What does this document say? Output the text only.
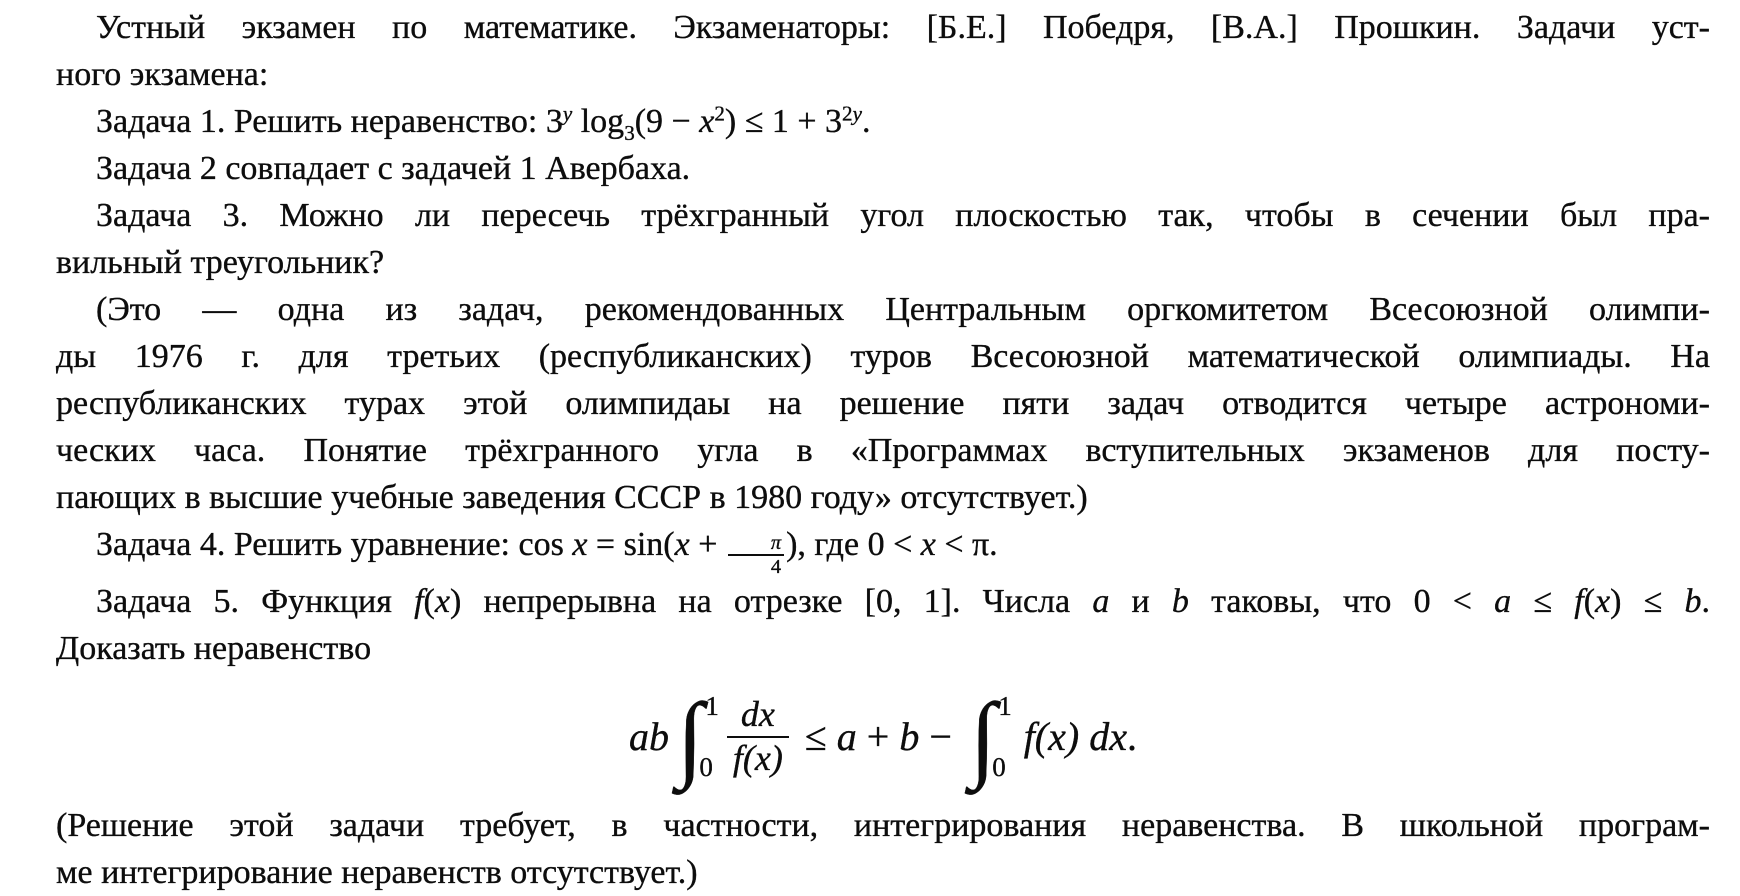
Устный экзамен по математике. Экзаменаторы: [Б.Е.] Победря, [В.А.] Прошкин. Задачи уст-
ного экзамена:
Задача 1. Решить неравенство: 3$^y$ $\log_3(9 - x^2) \le 1 + 3^{2y}$.
Задача 2 совпадает с задачей 1 Авербаха.
Задача 3. Можно ли пересечь трёхгранный угол плоскостью так, чтобы в сечении был пра-
вильный треугольник?
(Это — одна из задач, рекомендованных Центральным оргкомитетом Всесоюзной олимпи-
ды 1976 г. для третьих (республиканских) туров Всесоюзной математической олимпиады. На
республиканских турах этой олимпидаы на решение пяти задач отводится четыре астрономи-
ческих часа. Понятие трёхгранного угла в «Программах вступительных экзаменов для посту-
пающих в высшие учебные заведения СССР в 1980 году» отсутствует.)
Задача 4. Решить уравнение: $\cos x = \sin(x + \frac{\pi}{4}$ ), где 0 < x < π.
Задача 5. Функция f(x) непрерывна на отрезке [0, 1]. Числа a и b таковы, что 0 < a ≤ f(x) ≤ b.
Доказать неравенство
ab ∫ 1
$0 \frac{dx}{f(x)} \le a + b$ − ∫ 1
0
f(x) dx.
(Решение этой задачи требует, в частности, интегрирования неравенства. В школьной програм-
ме интегрирование неравенств отсутствует.)
